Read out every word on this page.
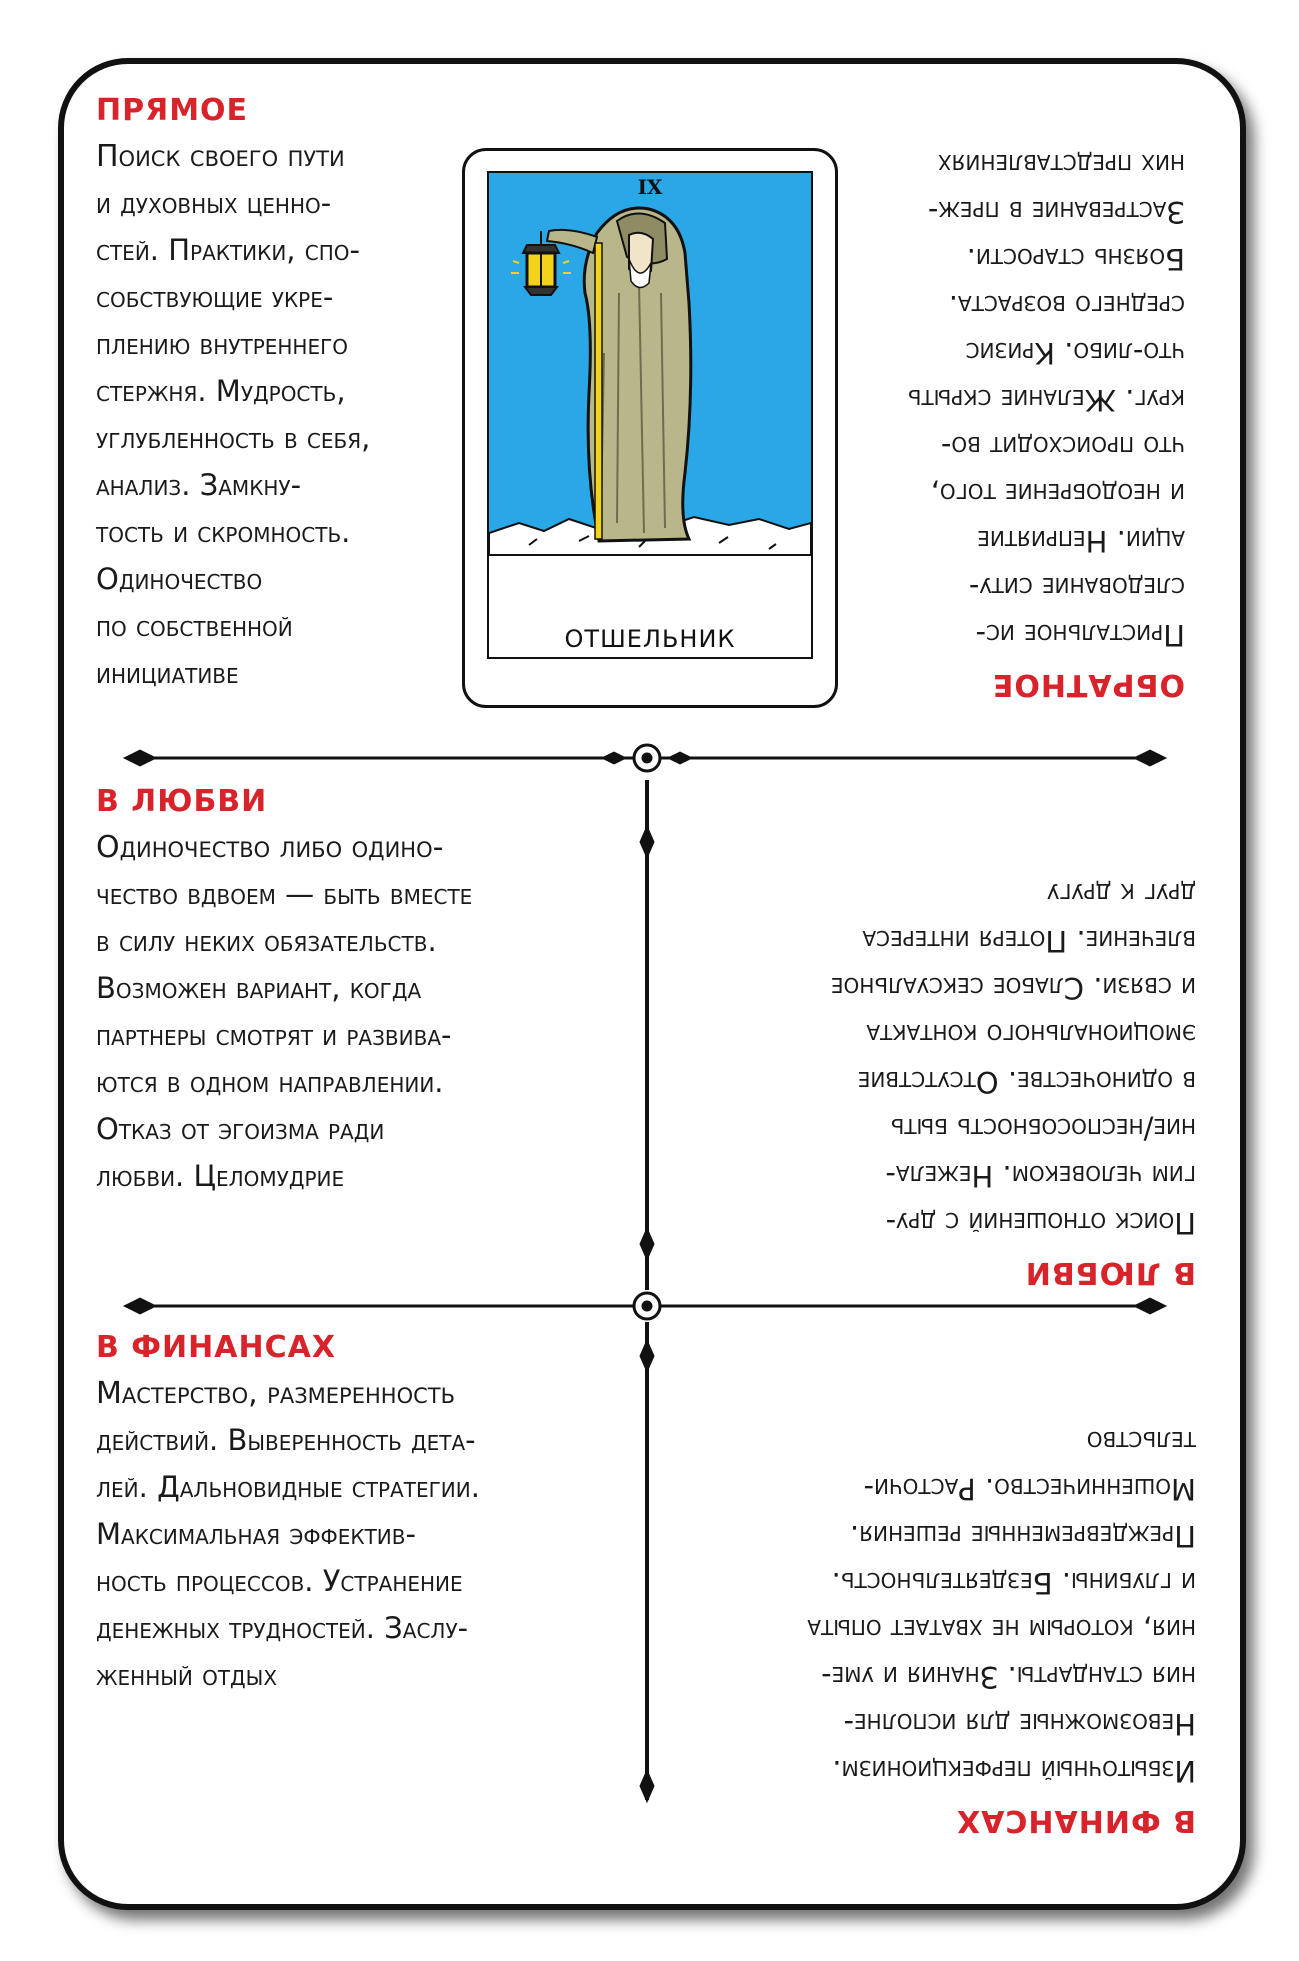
ПРЯМОЕ
Поиск своего пути
и духовных ценно-
стей. Практики, спо-
собствующие укре-
плению внутреннего
стержня. Мудрость,
углубленность в себя,
анализ. Замкну-
тость и скромность.
Одиночество
по собственной
инициативе
IX
ОТШЕЛЬНИК
ОБРАТНОЕ
Пристальное ис-
следование ситу-
ации. Неприятие
и неодобрение того,
что происходит во-
круг. Желание скрыть
что-либо. Кризис
среднего возраста.
Боязнь старости.
Застревание в преж-
них представлениях
В ЛЮБВИ
Одиночество либо одино-
чество вдвоем — быть вместе
в силу неких обязательств.
Возможен вариант, когда
партнеры смотрят и развива-
ются в одном направлении.
Отказ от эгоизма ради
любви. Целомудрие
В ЛЮБВИ
Поиск отношений с дру-
гим человеком. Нежела-
ние/неспособность быть
в одиночестве. Отсутствие
эмоционального контакта
и связи. Слабое сексуальное
влечение. Потеря интереса
друг к другу
В ФИНАНСАХ
Мастерство, размеренность
действий. Выверенность дета-
лей. Дальновидные стратегии.
Максимальная эффектив-
ность процессов. Устранение
денежных трудностей. Заслу-
женный отдых
В ФИНАНСАХ
Избыточный перфекционизм.
Невозможные для исполне-
ния стандарты. Знания и уме-
ния, которым не хватает опыта
и глубины. Бездеятельность.
Преждевременные решения.
Мошенничество. Расточи-
тельство
